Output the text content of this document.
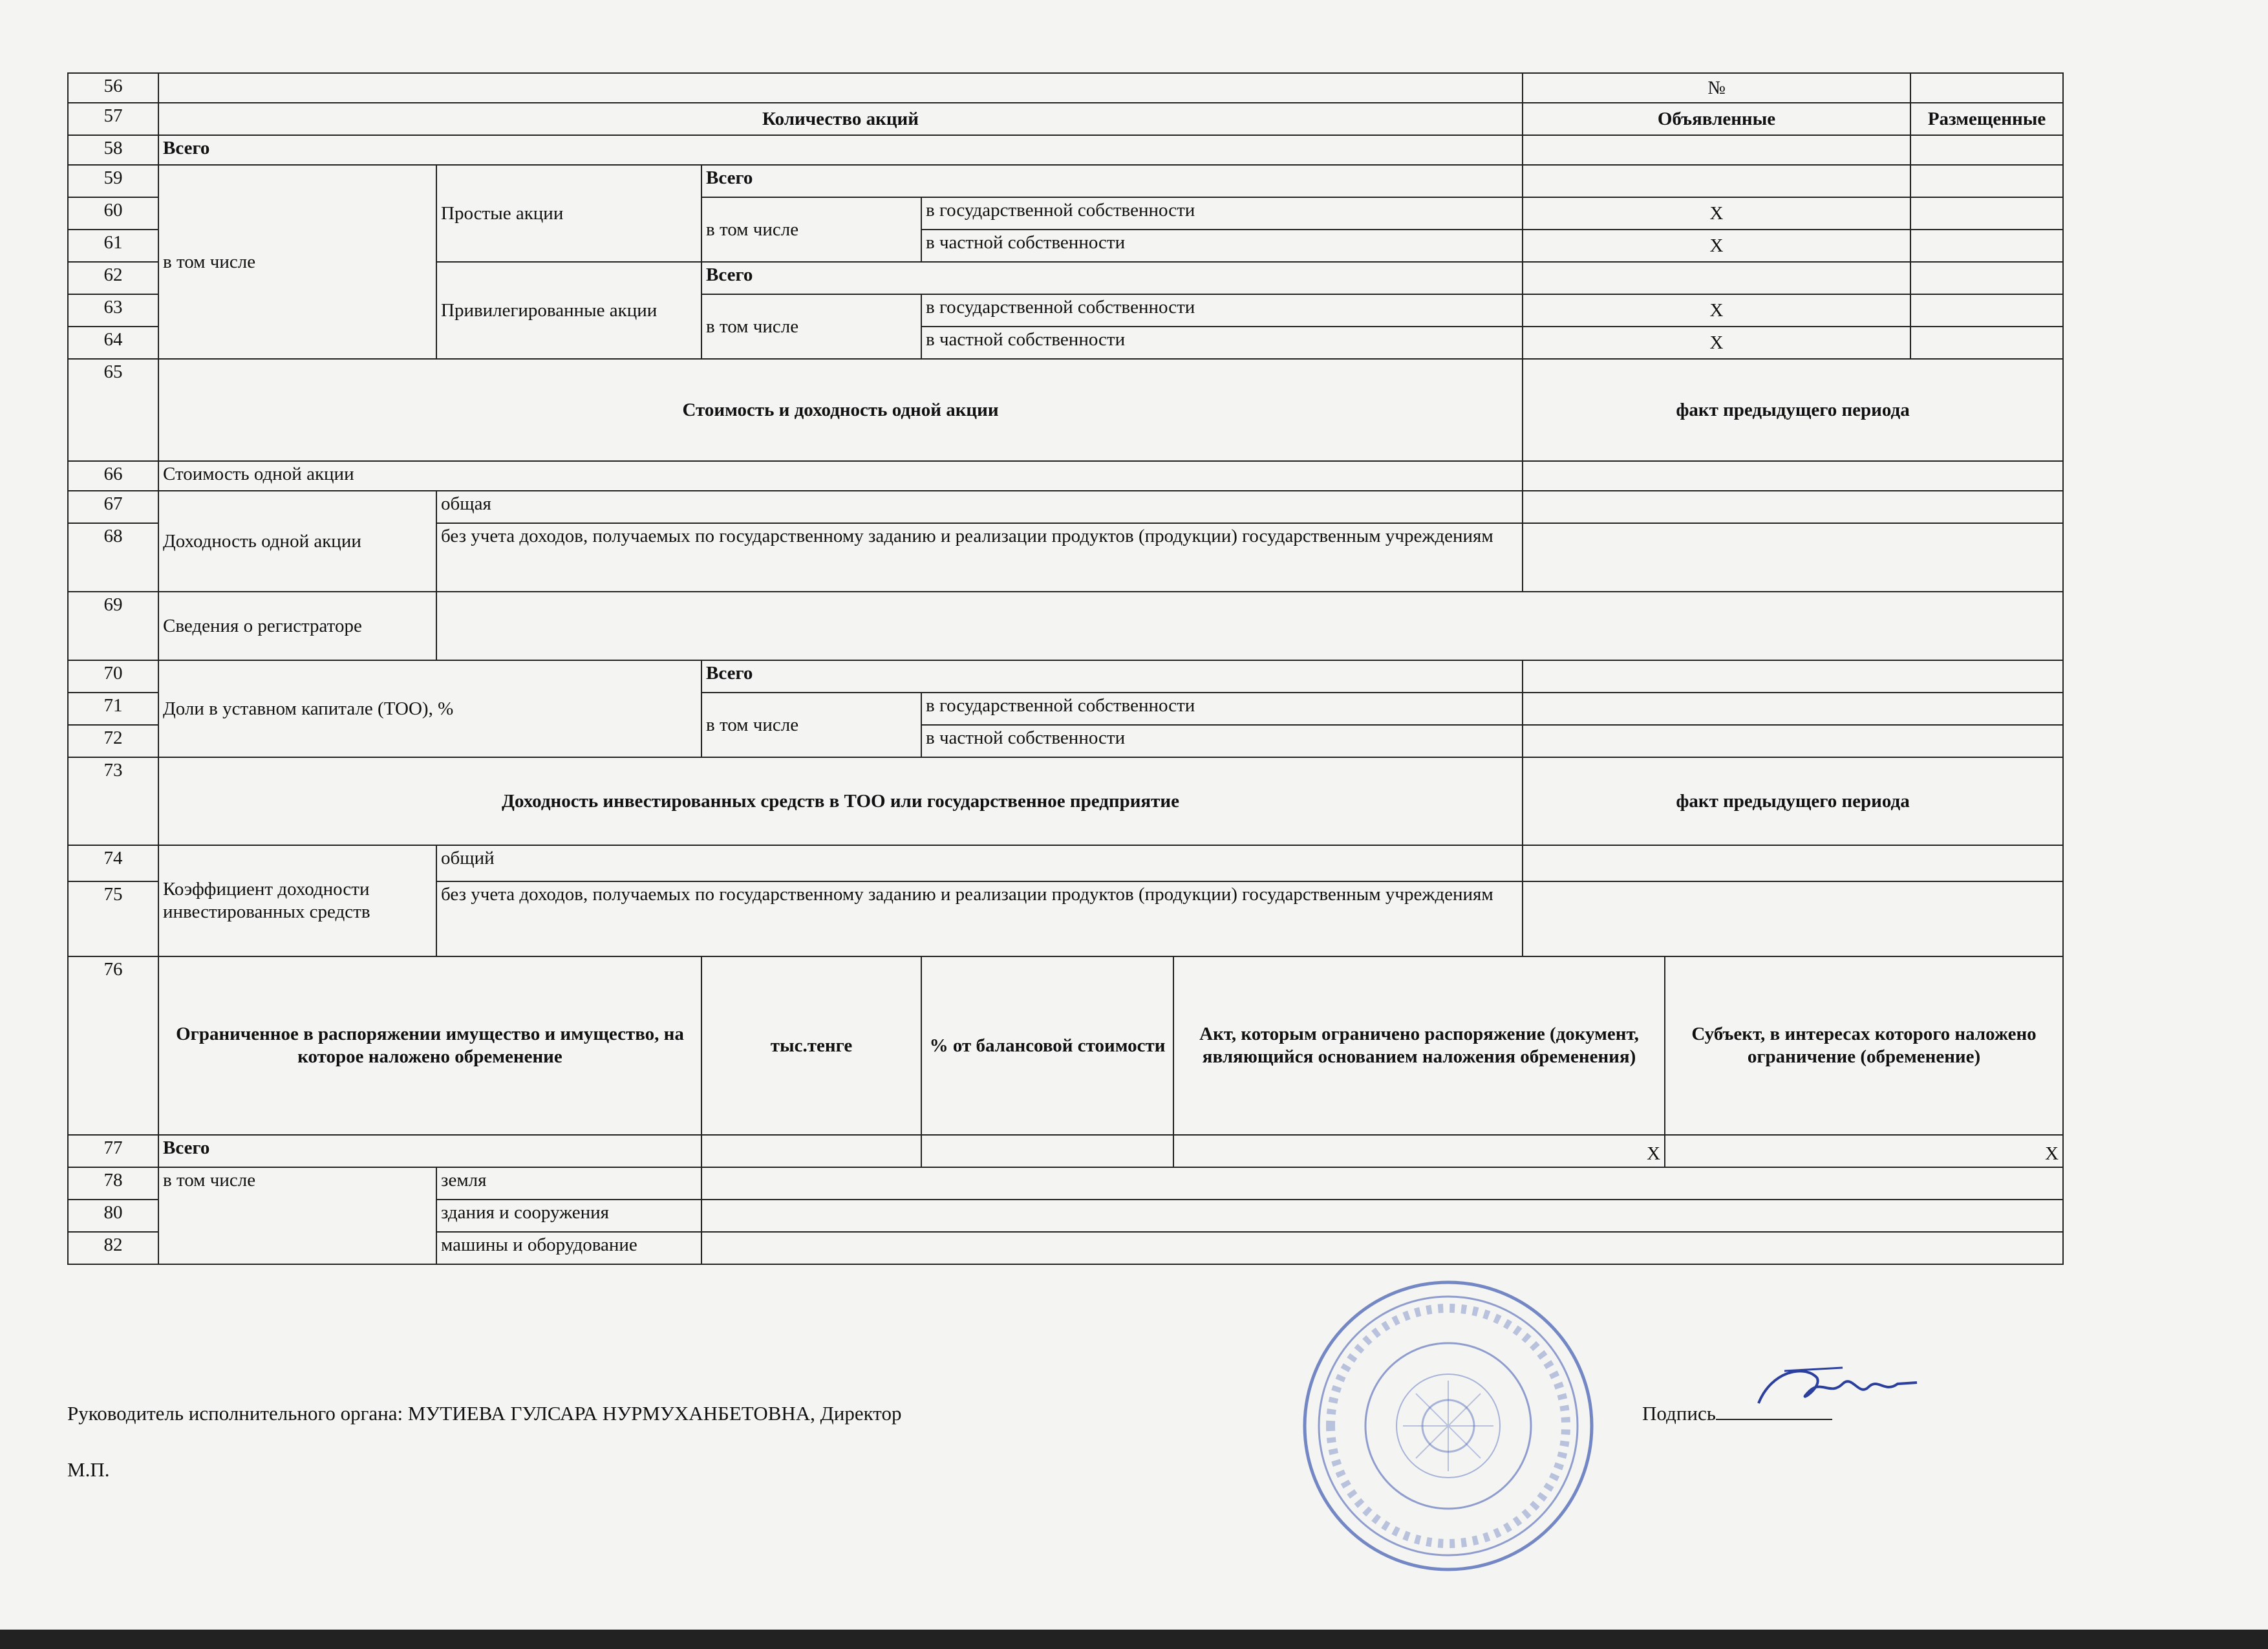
56						№			
57	Количество акций					Объявленные		Размещенные	
58	Всего								
59	в том числе	Простые акции	Всего						
60			в том числе	в государственной собственности		X		
61				в частной собственности		X		
62		Привилегированные акции	Всего						
63			в том числе	в государственной собственности		X		
64				в частной собственности		X		
65	Стоимость и доходность одной акции					факт предыдущего периода	
66	Стоимость одной акции								
67	Доходность одной акции	общая							
68		без учета доходов, получаемых по государственному заданию и реализации продуктов (продукции) государственным учреждениям							
69	Сведения о регистраторе								
70	Доли в уставном капитале (ТОО), %		Всего						
71			в том числе	в государственной собственности					
72				в частной собственности					
73	Доходность инвестированных средств в ТОО или государственное предприятие					факт предыдущего периода	
74	Коэффициент доходности инвестированных средств	общий							
75		без учета доходов, получаемых по государственному заданию и реализации продуктов (продукции) государственным учреждениям							
76	Ограниченное в распоряжении имущество и имущество, на которое наложено обременение		тыс.тенге	% от балансовой стоимости	Акт, которым ограничено распоряжение (документ, являющийся основанием наложения обременения)		Субъект, в интересах которого наложено ограничение (обременение)		
77	Всего				X		X		
78	в том числе	земля							
80		здания и сооружения							
82		машины и оборудование							
Руководитель исполнительного органа: МУТИЕВА ГУЛСАРА НУРМУХАНБЕТОВНА, Директор	Подпись
М.П.
